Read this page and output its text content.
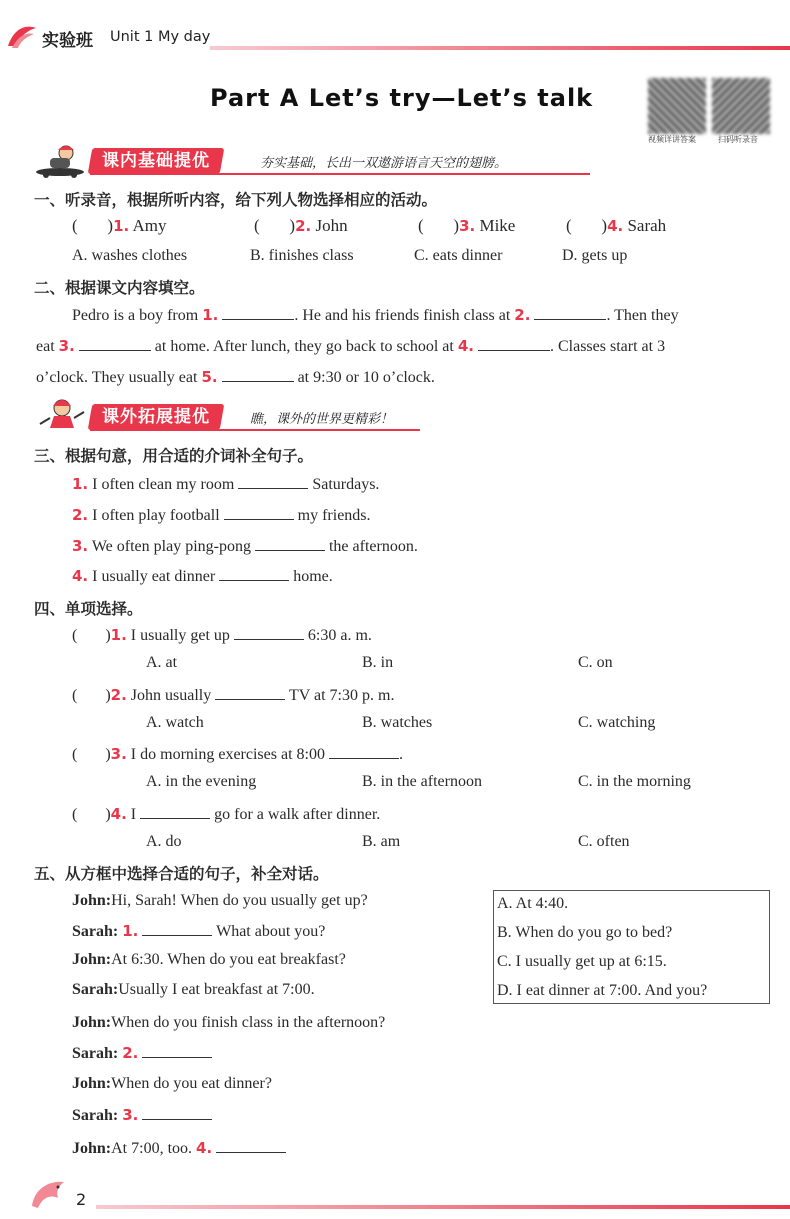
实验班 Unit 1 My day
Part A Let’s try—Let’s talk
视频详讲答案	扫码听录音
课内基础提优	夯实基础，长出一双遨游语言天空的翅膀。
一、听录音，根据所听内容，给下列人物选择相应的活动。
(       )1. Amy	(       )2. John	(       )3. Mike	(       )4. Sarah
A. washes clothes	B. finishes class	C. eats dinner	D. gets up
二、根据课文内容填空。
Pedro is a boy from 1.	. He and his friends finish class at 2.	. Then they
eat 3.	at home. After lunch, they go back to school at 4.	. Classes start at 3
o’clock. They usually eat 5.	at 9:30 or 10 o’clock.
课外拓展提优	瞧，课外的世界更精彩！
三、根据句意，用合适的介词补全句子。
1. I often clean my room	Saturdays.
2. I often play football	my friends.
3. We often play ping-pong	the afternoon.
4. I usually eat dinner	home.
四、单项选择。
(       )1. I usually get up	6:30 a. m.
A. at	B. in	C. on
(       )2. John usually	TV at 7:30 p. m.
A. watch	B. watches	C. watching
(       )3. I do morning exercises at 8:00	.
A. in the evening	B. in the afternoon	C. in the morning
(       )4. I	go for a walk after dinner.
A. do	B. am	C. often
五、从方框中选择合适的句子，补全对话。
John:Hi, Sarah! When do you usually get up?
Sarah: 1.	What about you?
John:At 6:30. When do you eat breakfast?
Sarah:Usually I eat breakfast at 7:00.
John:When do you finish class in the afternoon?
Sarah: 2.
John:When do you eat dinner?
Sarah: 3.
John:At 7:00, too. 4.
A. At 4:40.
B. When do you go to bed?
C. I usually get up at 6:15.
D. I eat dinner at 7:00. And you?
2
